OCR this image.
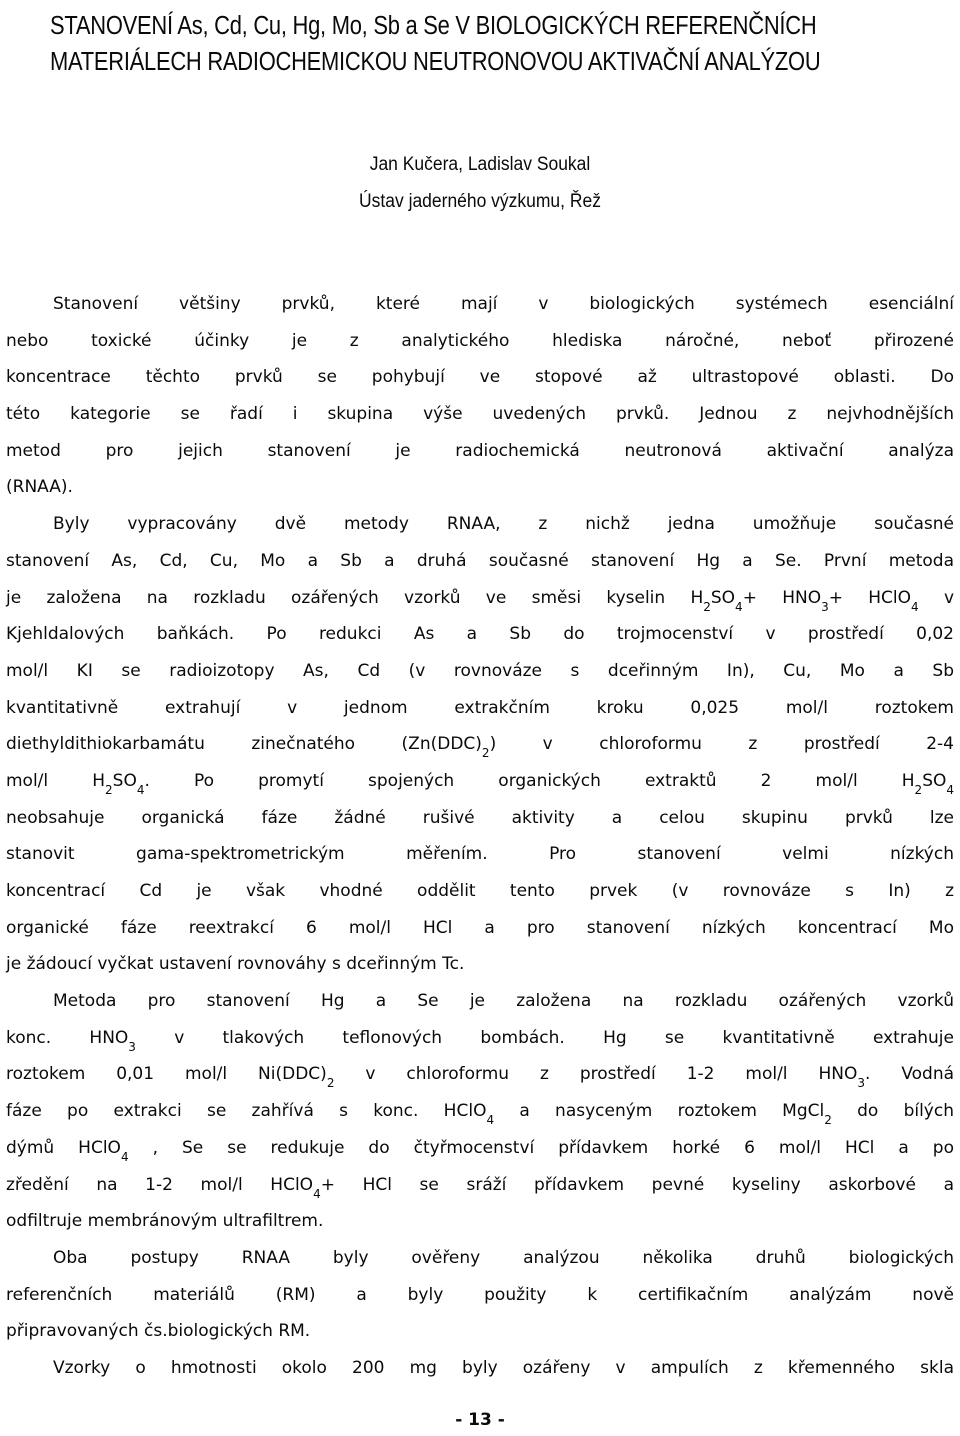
STANOVENÍ As, Cd, Cu, Hg, Mo, Sb a Se V BIOLOGICKÝCH REFERENČNÍCH
MATERIÁLECH RADIOCHEMICKOU NEUTRONOVOU AKTIVAČNÍ ANALÝZOU
Jan Kučera, Ladislav Soukal
Ústav jaderného výzkumu, Řež
Stanovení většiny prvků, které mají v biologických systémech esenciální
nebo toxické účinky je z analytického hlediska náročné, neboť přirozené
koncentrace těchto prvků se pohybují ve stopové až ultrastopové oblasti. Do
této kategorie se řadí i skupina výše uvedených prvků. Jednou z nejvhodnějších
metod pro jejich stanovení je radiochemická neutronová aktivační analýza
(RNAA).
Byly vypracovány dvě metody RNAA, z nichž jedna umožňuje současné
stanovení As, Cd, Cu, Mo a Sb a druhá současné stanovení Hg a Se. První metoda
je založena na rozkladu ozářených vzorků ve směsi kyselin $H_2SO_4+ HNO_3+$ HClO$_4$ v
Kjehldalových baňkách. Po redukci As a Sb do trojmocenství v prostředí 0,02
mol/l KI se radioizotopy As, Cd (v rovnováze s dceřinným In), Cu, Mo a Sb
kvantitativně extrahují v jednom extrakčním kroku 0,025 mol/l roztokem
diethyldithiokarbamátu zinečnatého $(Zn(DDC)_2)$ v chloroformu z prostředí 2-4
mol/l $H_2SO_4$. Po promytí spojených organických extraktů 2 mol/l $H_2SO_4$
neobsahuje organická fáze žádné rušivé aktivity a celou skupinu prvků lze
stanovit gama-spektrometrickým měřením. Pro stanovení velmi nízkých
koncentrací Cd je však vhodné oddělit tento prvek (v rovnováze s In) z
organické fáze reextrakcí 6 mol/l HCl a pro stanovení nízkých koncentrací Mo
je žádoucí vyčkat ustavení rovnováhy s dceřinným Tc.
Metoda pro stanovení Hg a Se je založena na rozkladu ozářených vzorků
konc. $HNO_3$ v tlakových teflonových bombách. Hg se kvantitativně extrahuje
roztokem 0,01 mol/l $Ni(DDC)_2$ v chloroformu z prostředí 1-2 mol/l $HNO_3$. Vodná
fáze po extrakci se zahřívá s konc. HClO$_4$ a nasyceným roztokem MgCl$_2$ do bílých
dýmů HClO$_4$ , Se se redukuje do čtyřmocenství přídavkem horké 6 mol/l HCl a po
zředění na 1-2 mol/l HClO$_4$+ HCl se sráží přídavkem pevné kyseliny askorbové a
odfiltruje membránovým ultrafiltrem.
Oba postupy RNAA byly ověřeny analýzou několika druhů biologických
referenčních materiálů (RM) a byly použity k certifikačním analýzám nově
připravovaných čs.biologických RM.
Vzorky o hmotnosti okolo 200 mg byly ozářeny v ampulích z křemenného skla
- 13 -
